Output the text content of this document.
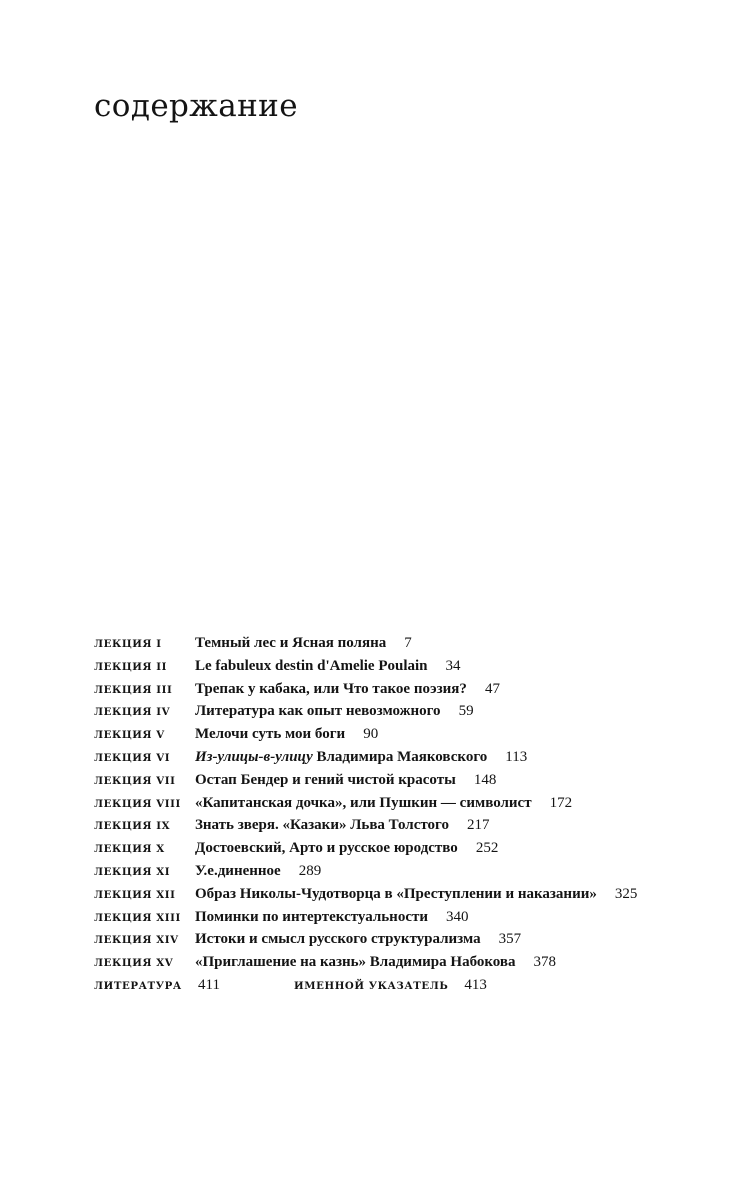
содержание
ЛЕКЦИЯ I	Темный лес и Ясная поляна 7
ЛЕКЦИЯ II	Le fabuleux destin d'Amelie Poulain 34
ЛЕКЦИЯ III	Трепак у кабака, или Что такое поэзия? 47
ЛЕКЦИЯ IV	Литература как опыт невозможного 59
ЛЕКЦИЯ V	Мелочи суть мои боги 90
ЛЕКЦИЯ VI	Из-улицы-в-улицу Владимира Маяковского 113
ЛЕКЦИЯ VII	Остап Бендер и гений чистой красоты 148
ЛЕКЦИЯ VIII «Капитанская дочка», или Пушкин — символист 172
ЛЕКЦИЯ IX	Знать зверя. «Казаки» Льва Толстого 217
ЛЕКЦИЯ X	Достоевский, Арто и русское юродство 252
ЛЕКЦИЯ XI	У.е.диненное 289
ЛЕКЦИЯ XII	Образ Николы-Чудотворца в «Преступлении и наказании» 325
ЛЕКЦИЯ XIII Поминки по интертекстуальности 340
ЛЕКЦИЯ XIV	Истоки и смысл русского структурализма 357
ЛЕКЦИЯ XV	«Приглашение на казнь» Владимира Набокова 378
ЛИТЕРАТУРА	411	ИМЕННОЙ УКАЗАТЕЛЬ 413
